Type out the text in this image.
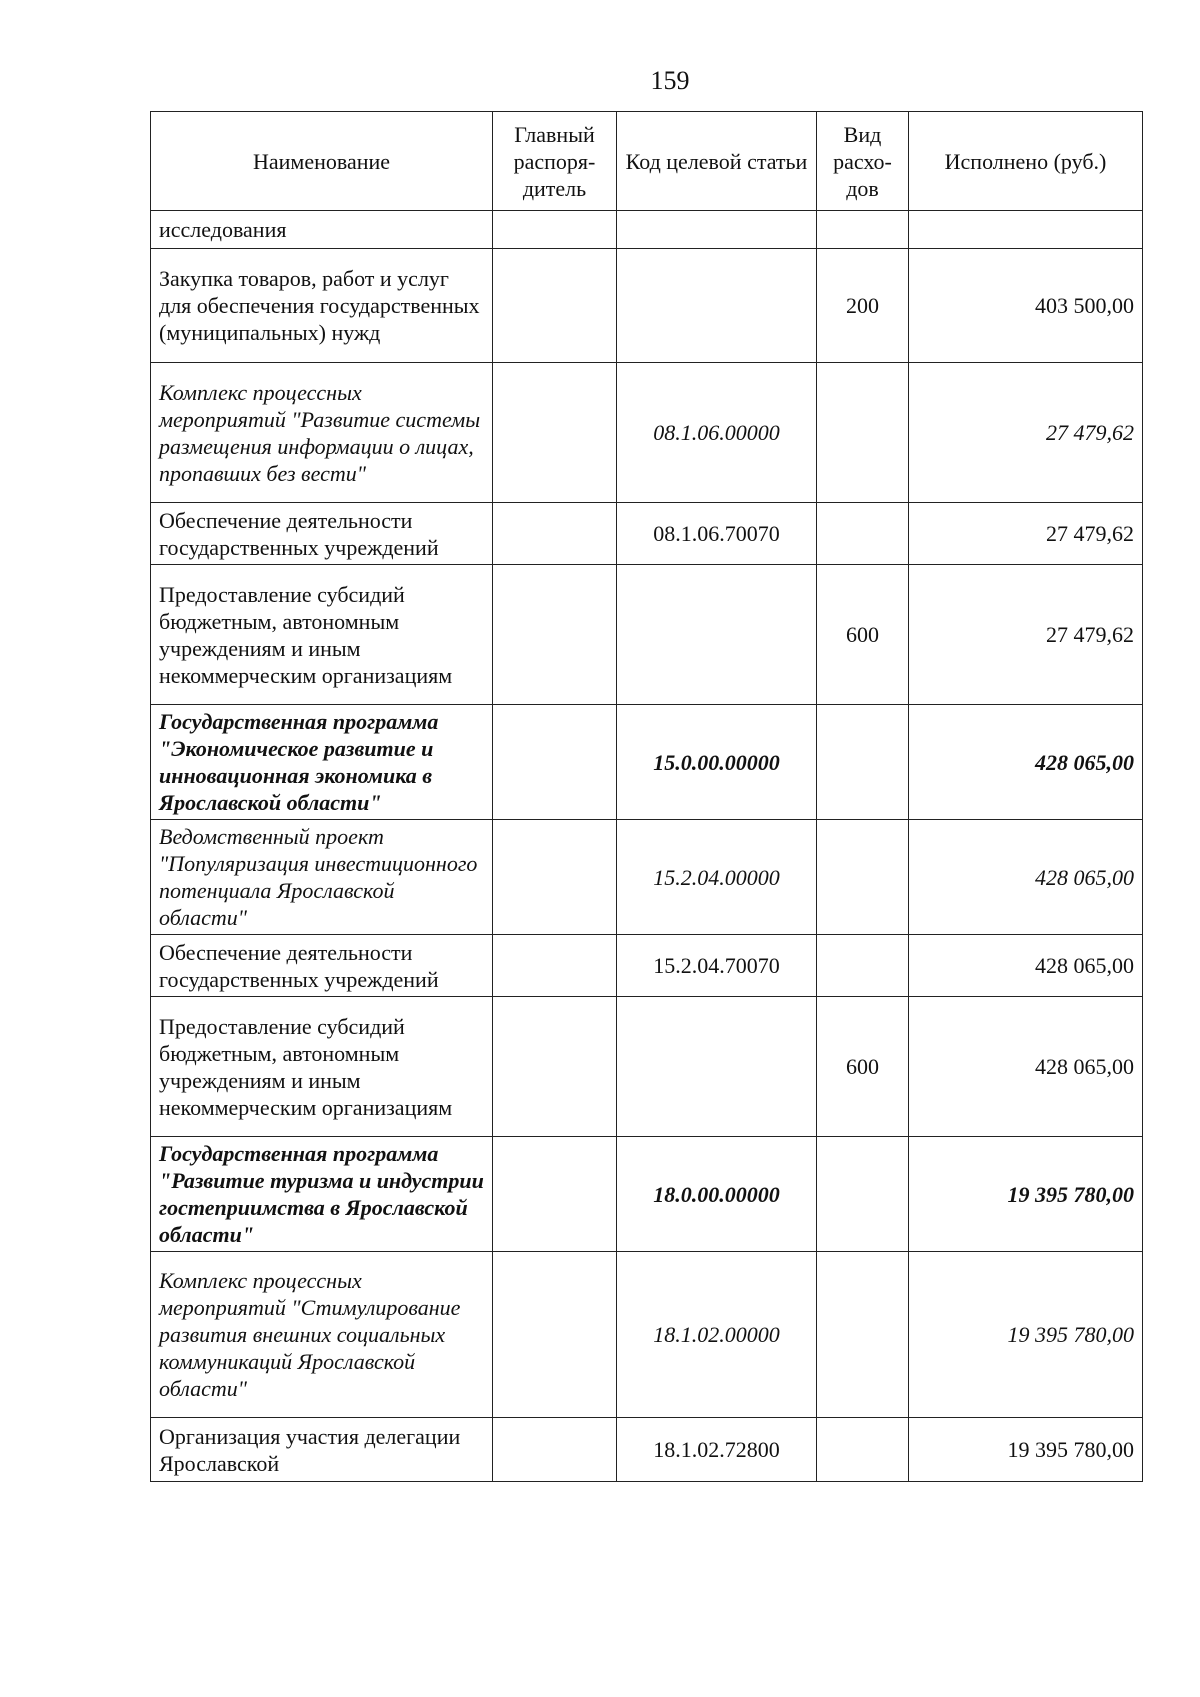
159
Наименование	Главный распоря-дитель	Код целевой статьи	Вид расхо-дов	Исполнено (руб.)
исследования				
Закупка товаров, работ и услуг для обеспечения государственных (муниципальных) нужд			200	403 500,00
Комплекс процессных мероприятий "Развитие системы размещения информации о лицах, пропавших без вести"		08.1.06.00000		27 479,62
Обеспечение деятельности государственных учреждений		08.1.06.70070		27 479,62
Предоставление субсидий бюджетным, автономным учреждениям и иным некоммерческим организациям			600	27 479,62
Государственная программа "Экономическое развитие и инновационная экономика в Ярославской области"		15.0.00.00000		428 065,00
Ведомственный проект "Популяризация инвестиционного потенциала Ярославской области"		15.2.04.00000		428 065,00
Обеспечение деятельности государственных учреждений		15.2.04.70070		428 065,00
Предоставление субсидий бюджетным, автономным учреждениям и иным некоммерческим организациям			600	428 065,00
Государственная программа "Развитие туризма и индустрии гостеприимства в Ярославской области"		18.0.00.00000		19 395 780,00
Комплекс процессных мероприятий "Стимулирование развития внешних социальных коммуникаций Ярославской области"		18.1.02.00000		19 395 780,00
Организация участия делегации Ярославской		18.1.02.72800		19 395 780,00
